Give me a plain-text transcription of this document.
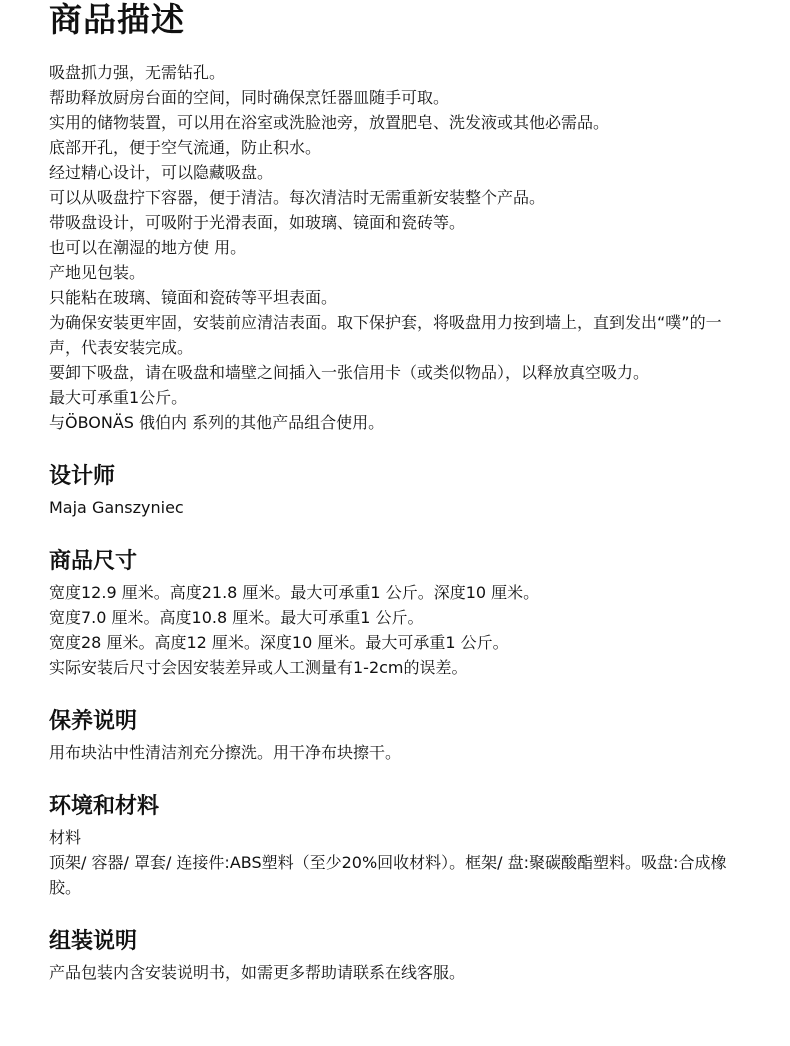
商品描述

吸盘抓力强，无需钻孔。

帮助释放厨房台面的空间，同时确保烹饪器皿随手可取。

实用的储物装置，可以用在浴室或洗脸池旁，放置肥皂、洗发液或其他必需品。

底部开孔，便于空气流通，防止积水。

经过精心设计，可以隐藏吸盘。

可以从吸盘拧下容器，便于清洁。每次清洁时无需重新安装整个产品。

带吸盘设计，可吸附于光滑表面，如玻璃、镜面和瓷砖等。

也可以在潮湿的地方使 用。

产地见包装。

只能粘在玻璃、镜面和瓷砖等平坦表面。

为确保安装更牢固，安装前应清洁表面。取下保护套，将吸盘用力按到墙上，直到发出“噗”的一声，代表安装完成。

要卸下吸盘，请在吸盘和墙壁之间插入一张信用卡（或类似物品），以释放真空吸力。

最大可承重1公斤。

与ÖBONÄS 俄伯内 系列的其他产品组合使用。

设计师

Maja Ganszyniec

商品尺寸

宽度12.9 厘米。高度21.8 厘米。最大可承重1 公斤。深度10 厘米。

宽度7.0 厘米。高度10.8 厘米。最大可承重1 公斤。

宽度28 厘米。高度12 厘米。深度10 厘米。最大可承重1 公斤。

实际安装后尺寸会因安装差异或人工测量有1-2cm的误差。

保养说明

用布块沾中性清洁剂充分擦洗。用干净布块擦干。

环境和材料

材料

顶架/ 容器/ 罩套/ 连接件:ABS塑料（至少20%回收材料）。框架/ 盘:聚碳酸酯塑料。吸盘:合成橡胶。

组装说明

产品包装内含安装说明书，如需更多帮助请联系在线客服。
